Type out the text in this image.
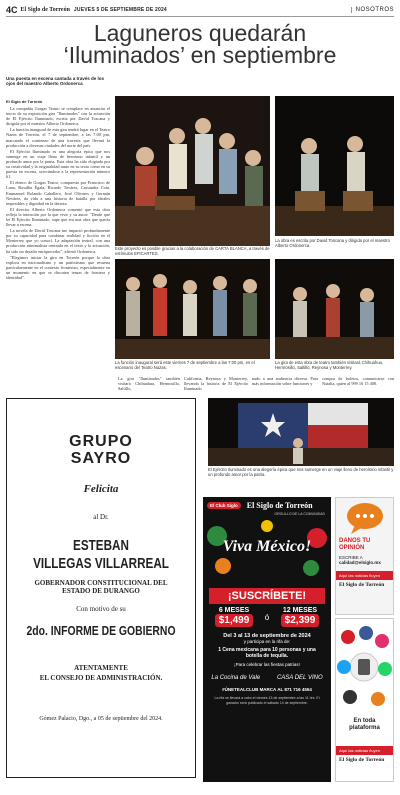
4C El Siglo de Torreón JUEVES 5 DE SEPTIEMBRE DE 2024	NOSOTROS
Laguneros quedarán
‘Iluminados’ en septiembre
Una puesta en escena cantada a través de los ojos del maestro Alberto Ordonerca
El Siglo de Torreón

La compañía Gorgas Teatro se complace en anunciar el inicio de su exposición gira "Iluminados" con la actuación de El Ejército Iluminado, escrita por David Toscana y dirigida por el maestro Alberto Ordonerca.

La función inaugural de esta gira tendrá lugar en el Teatro Nazas de Torreón, el 7 de septiembre, a las 7:00 pm, marcando el comienzo de una travesía que llevará la producción a diversas ciudades del norte del país.

El Ejército Iluminado es una alegoría épica que nos sumerge en un viaje lleno de heroísmo infantil y un profundo amor por la patria. Esta obra ha sido elogiada por su creatividad y la originalidad tanto en su texto como en su puesta en escena, acercándose a la representación número 61.

El elenco de Gorgas Teatro, compuesto por Francisco de Luna, Rosalba Égala, Ricardo Tavárez, Cassandra Cota, Emmanuel Rolando Caballero, José Olivares y Germán Nevárez, da vida a una historia de batalla por ideales imposibles y dignidad en la derrota.

El director Alberto Ordonerca comentó que esta obra refleja la intención por la que vivir y su autor: "Desde que leí El Ejército Iluminado, supe que era una obra que quería llevar a escena.

La novela de David Toscana me impactó profundamente por su capacidad para combinar realidad y ficción en el Monterrey que yo conocí. La adaptación teatral, con una producción minimalista centrada en el texto y la actuación, ha sido un desafío enriquecedor", afirmó Ordonerca.

"Elegimos iniciar la gira en Torreón porque la obra explora en nacionalismo y un patriotismo que resuena particularmente en el contexto fronterizo, especialmente en un momento en que se discuten temas de frontera y identidad".

Este proyecto es posible gracias a la colaboración de CARTA BLANCA, a través de estímulos EFICARTES.
La obra es escrita por David Toscana y dirigida por el maestro Alberto Ordonerca.
La función inaugural será este viernes 7 de septiembre a las 7:00 pm, en el escenario del Teatro Nazas.
La gira de esta obra de teatro también visitará Chihuahua, Hermosillo, Saltillo, Reynosa y Monterrey.
La gira "Iluminados" también visitará Chihuahua, Hermosillo, Saltillo,
California, Reynosa y Monterrey, llevando la historia de El Ejército Iluminado
nado a una audiencia diversa. Para más información sobre funciones y
compra de boletos, comunicarse con Natalia, quien al 999 16 15 408.
El Ejército Iluminado es una alegoría épica que nos sumerge en un viaje lleno de heroísmo infantil y un profundo amor por la patria.
GRUPO
SAYRO
Felicita
al Dr.
ESTEBAN
VILLEGAS VILLARREAL
GOBERNADOR CONSTITUCIONAL DEL
ESTADO DE DURANGO
Con motivo de su
2do. INFORME DE GOBIERNO
ATENTAMENTE
EL CONSEJO DE ADMINISTRACIÓN.
Gómez Palacio, Dgo., a 05 de septiembre del 2024.
El Club Siglo	El Siglo de Torreón
ORGULLO DE LA COMUNIDAD
Viva México!
¡SUSCRÍBETE!
6 MESES
$1,499	ó
12 MESES
$2,399
Del 3 al 13 de septiembre de 2024
y participa en la rifa de:
1 Cena mexicana para 10 personas y una botella de tequila.
¡Para celebrar las fiestas patrias!
La Cocina de Vale	CASA DEL VINO
#ÚNETEALCLUB MARCA AL 871 716 4554
La rifa se llevará a cabo el viernes 13 de septiembre a las 11 hrs. El ganador será publicado el sábado 14 de septiembre.
DANOS TU OPINIÓN
ESCRIBE A
calidad@elsiglo.mx
Aquí las noticias fluyen
El Siglo de Torreón
En toda
plataforma
Aquí las noticias fluyen
El Siglo de Torreón
